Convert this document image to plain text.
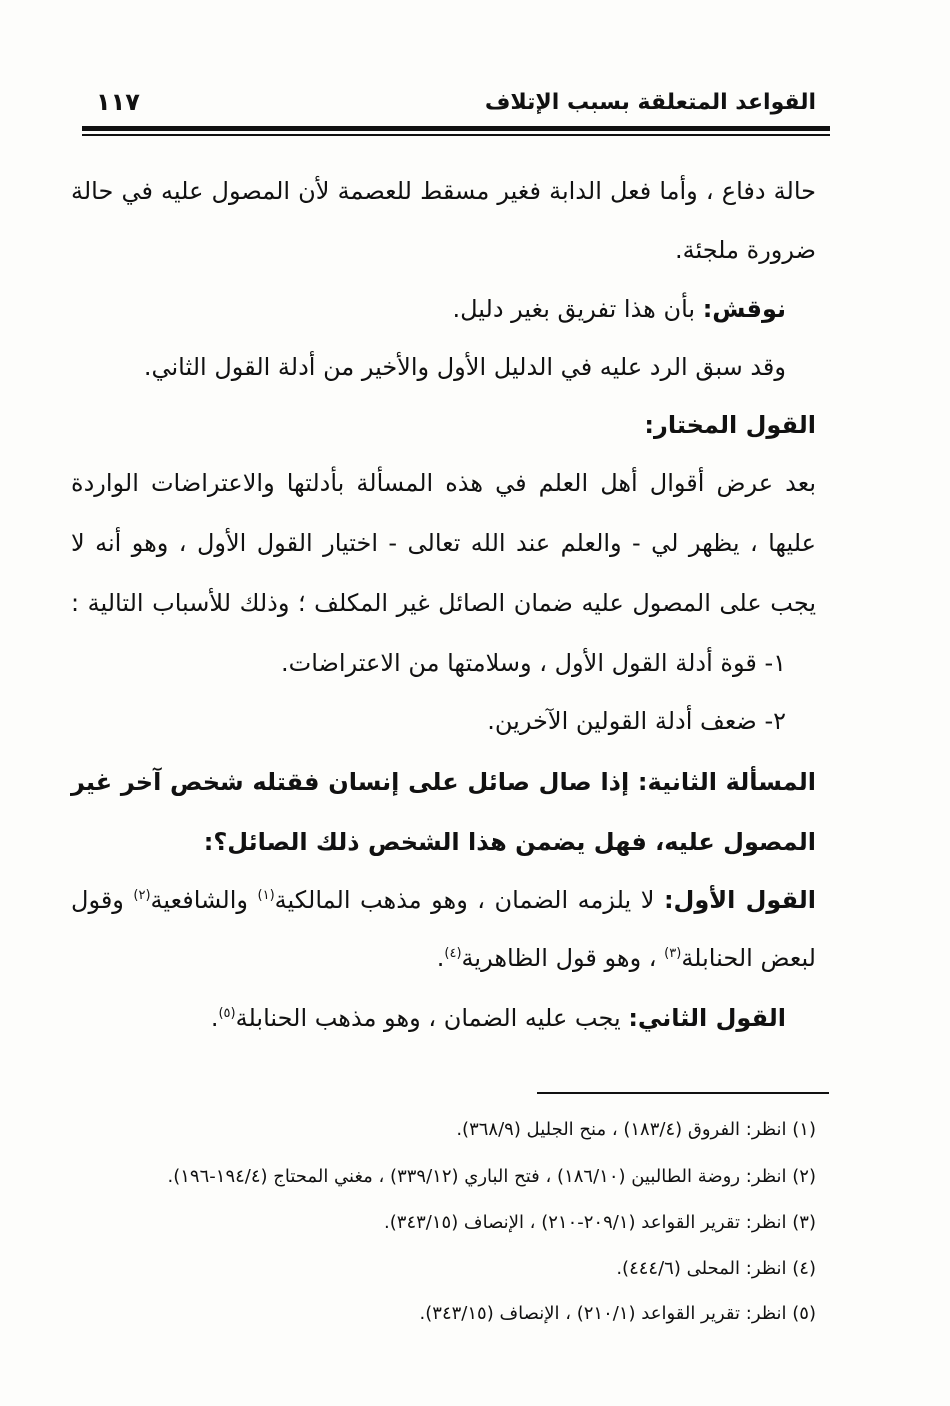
القواعد المتعلقة بسبب الإتلاف
١١٧
حالة دفاع ، وأما فعل الدابة فغير مسقط للعصمة لأن المصول عليه في حالة
ضرورة ملجئة.
نوقش: بأن هذا تفريق بغير دليل.
وقد سبق الرد عليه في الدليل الأول والأخير من أدلة القول الثاني.
القول المختار:
بعد عرض أقوال أهل العلم في هذه المسألة بأدلتها والاعتراضات الواردة
عليها ، يظهر لي - والعلم عند الله تعالى - اختيار القول الأول ، وهو أنه لا
يجب على المصول عليه ضمان الصائل غير المكلف ؛ وذلك للأسباب التالية :
١- قوة أدلة القول الأول ، وسلامتها من الاعتراضات.
٢- ضعف أدلة القولين الآخرين.
المسألة الثانية: إذا صال صائل على إنسان فقتله شخص آخر غير
المصول عليه، فهل يضمن هذا الشخص ذلك الصائل؟:
القول الأول: لا يلزمه الضمان ، وهو مذهب المالكية$^{(١)}$ والشافعية$^{(٢)}$ وقول
لبعض الحنابلة$^{(٣)}$ ، وهو قول الظاهرية$^{(٤)}$.
القول الثاني: يجب عليه الضمان ، وهو مذهب الحنابلة$^{(٥)}$.
(١) انظر: الفروق (١٨٣/٤) ، منح الجليل (٣٦٨/٩).
(٢) انظر: روضة الطالبين (١٨٦/١٠) ، فتح الباري (٣٣٩/١٢) ، مغني المحتاج (١٩٤/٤-١٩٦).
(٣) انظر: تقرير القواعد (٢٠٩/١-٢١٠) ، الإنصاف (٣٤٣/١٥).
(٤) انظر: المحلى (٤٤٤/٦).
(٥) انظر: تقرير القواعد (٢١٠/١) ، الإنصاف (٣٤٣/١٥).
